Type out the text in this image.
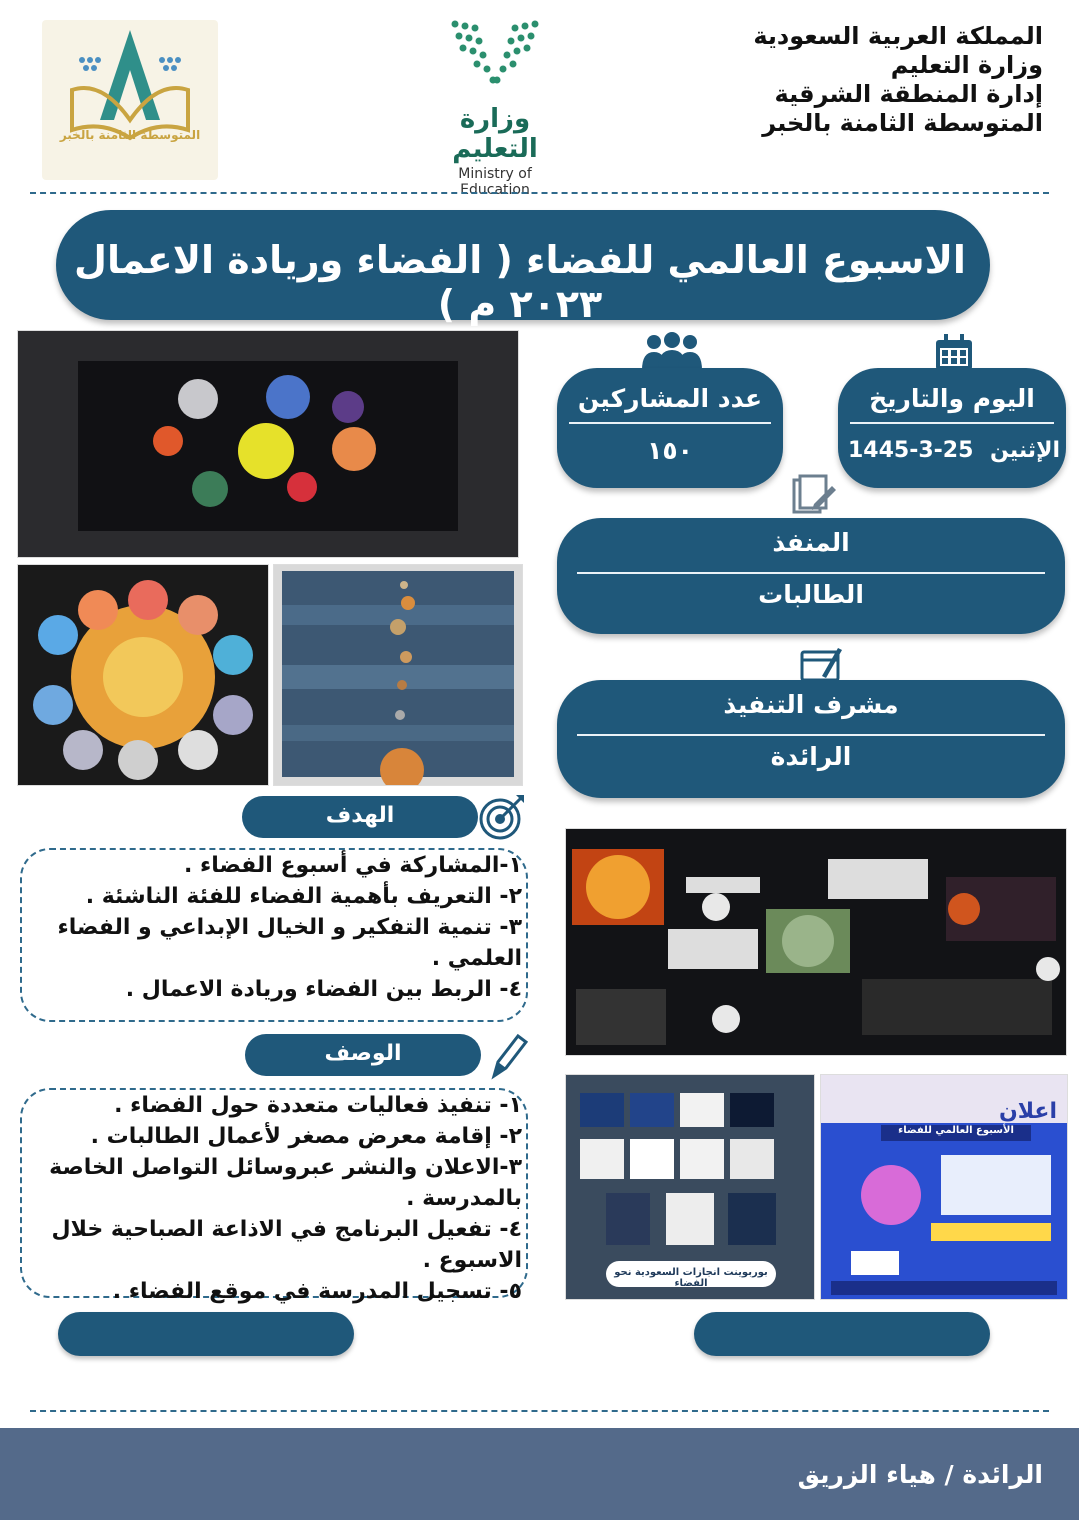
المملكة العربية السعودية
وزارة التعليم
إدارة المنطقة الشرقية
المتوسطة الثامنة بالخبر
وزارة التعليم
Ministry of Education
المتوسطة الثامنة بالخبر
الاسبوع العالمي للفضاء ( الفضاء وريادة الاعمال ٢٠٢٣ م )
عدد المشاركين
١٥٠
اليوم والتاريخ
الإثنين
1445-3-25
المنفذ
الطالبات
مشرف التنفيذ
الرائدة
الهدف
١-المشاركة في أسبوع الفضاء .
٢- التعريف بأهمية الفضاء للفئة الناشئة .
٣- تنمية التفكير و الخيال الإبداعي و الفضاء العلمي .
٤- الربط بين الفضاء وريادة الاعمال .
الوصف
١- تنفيذ فعاليات متعددة حول الفضاء .
٢- إقامة معرض مصغر لأعمال الطالبات .
٣-الاعلان والنشر عبروسائل التواصل الخاصة بالمدرسة .
٤- تفعيل البرنامج في الاذاعة الصباحية خلال الاسبوع .
٥- تسجيل المدرسة في موقع الفضاء .
بوربوينت انجازات السعودية نحو الفضاء
اعلان
الأسبوع العالمي للفضاء
الرائدة / هياء الزريق
